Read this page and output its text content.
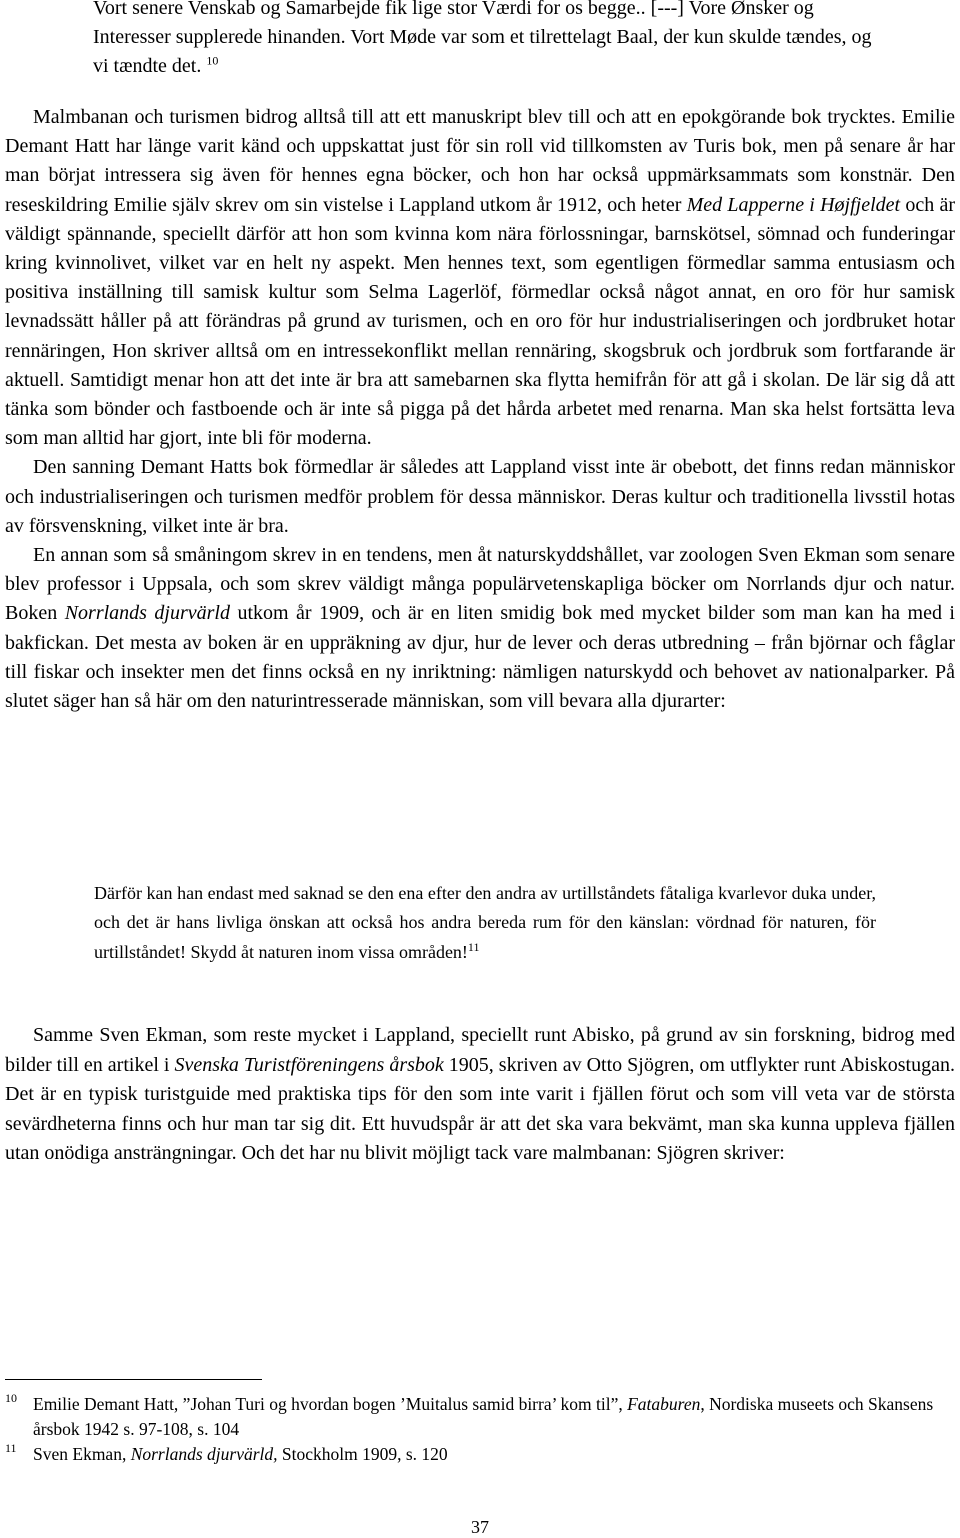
Vort senere Venskab og Samarbejde fik lige stor Værdi for os begge.. [---] Vore Ønsker og Interesser supplerede hinanden. Vort Møde var som et tilrettelagt Baal, der kun skulde tændes, og vi tændte det. $^{10}$

Malmbanan och turismen bidrog alltså till att ett manuskript blev till och att en epokgörande bok trycktes. Emilie Demant Hatt har länge varit känd och uppskattat just för sin roll vid tillkomsten av Turis bok, men på senare år har man börjat intressera sig även för hennes egna böcker, och hon har också uppmärksammats som konstnär. Den reseskildring Emilie själv skrev om sin vistelse i Lappland utkom år 1912, och heter Med Lapperne i Højfjeldet och är väldigt spännande, speciellt därför att hon som kvinna kom nära förlossningar, barnskötsel, sömnad och funderingar kring kvinnolivet, vilket var en helt ny aspekt. Men hennes text, som egentligen förmedlar samma entusiasm och positiva inställning till samisk kultur som Selma Lagerlöf, förmedlar också något annat, en oro för hur samisk levnadssätt håller på att förändras på grund av turismen, och en oro för hur industrialiseringen och jordbruket hotar rennäringen, Hon skriver alltså om en intressekonflikt mellan rennäring, skogsbruk och jordbruk som fortfarande är aktuell. Samtidigt menar hon att det inte är bra att samebarnen ska flytta hemifrån för att gå i skolan. De lär sig då att tänka som bönder och fastboende och är inte så pigga på det hårda arbetet med renarna. Man ska helst fortsätta leva som man alltid har gjort, inte bli för moderna.

Den sanning Demant Hatts bok förmedlar är således att Lappland visst inte är obebott, det finns redan människor och industrialiseringen och turismen medför problem för dessa människor. Deras kultur och traditionella livsstil hotas av försvenskning, vilket inte är bra.

En annan som så småningom skrev in en tendens, men åt naturskyddshållet, var zoologen Sven Ekman som senare blev professor i Uppsala, och som skrev väldigt många populärvetenskapliga böcker om Norrlands djur och natur. Boken Norrlands djurvärld utkom år 1909, och är en liten smidig bok med mycket bilder som man kan ha med i bakfickan. Det mesta av boken är en uppräkning av djur, hur de lever och deras utbredning – från björnar och fåglar till fiskar och insekter men det finns också en ny inriktning: nämligen naturskydd och behovet av nationalparker. På slutet säger han så här om den naturintresserade människan, som vill bevara alla djurarter:

Därför kan han endast med saknad se den ena efter den andra av urtillståndets fåtaliga kvarlevor duka under, och det är hans livliga önskan att också hos andra bereda rum för den känslan: vördnad för naturen, för urtillståndet! Skydd åt naturen inom vissa områden!$^{11}$

Samme Sven Ekman, som reste mycket i Lappland, speciellt runt Abisko, på grund av sin forskning, bidrog med bilder till en artikel i Svenska Turistföreningens årsbok 1905, skriven av Otto Sjögren, om utflykter runt Abiskostugan. Det är en typisk turistguide med praktiska tips för den som inte varit i fjällen förut och som vill veta var de största sevärdheterna finns och hur man tar sig dit. Ett huvudspår är att det ska vara bekvämt, man ska kunna uppleva fjällen utan onödiga ansträngningar. Och det har nu blivit möjligt tack vare malmbanan: Sjögren skriver:

10 Emilie Demant Hatt, ”Johan Turi og hvordan bogen ’Muitalus samid birra’ kom til”, Fataburen, Nordiska museets och Skansens årsbok 1942 s. 97-108, s. 104
11 Sven Ekman, Norrlands djurvärld, Stockholm 1909, s. 120
37
